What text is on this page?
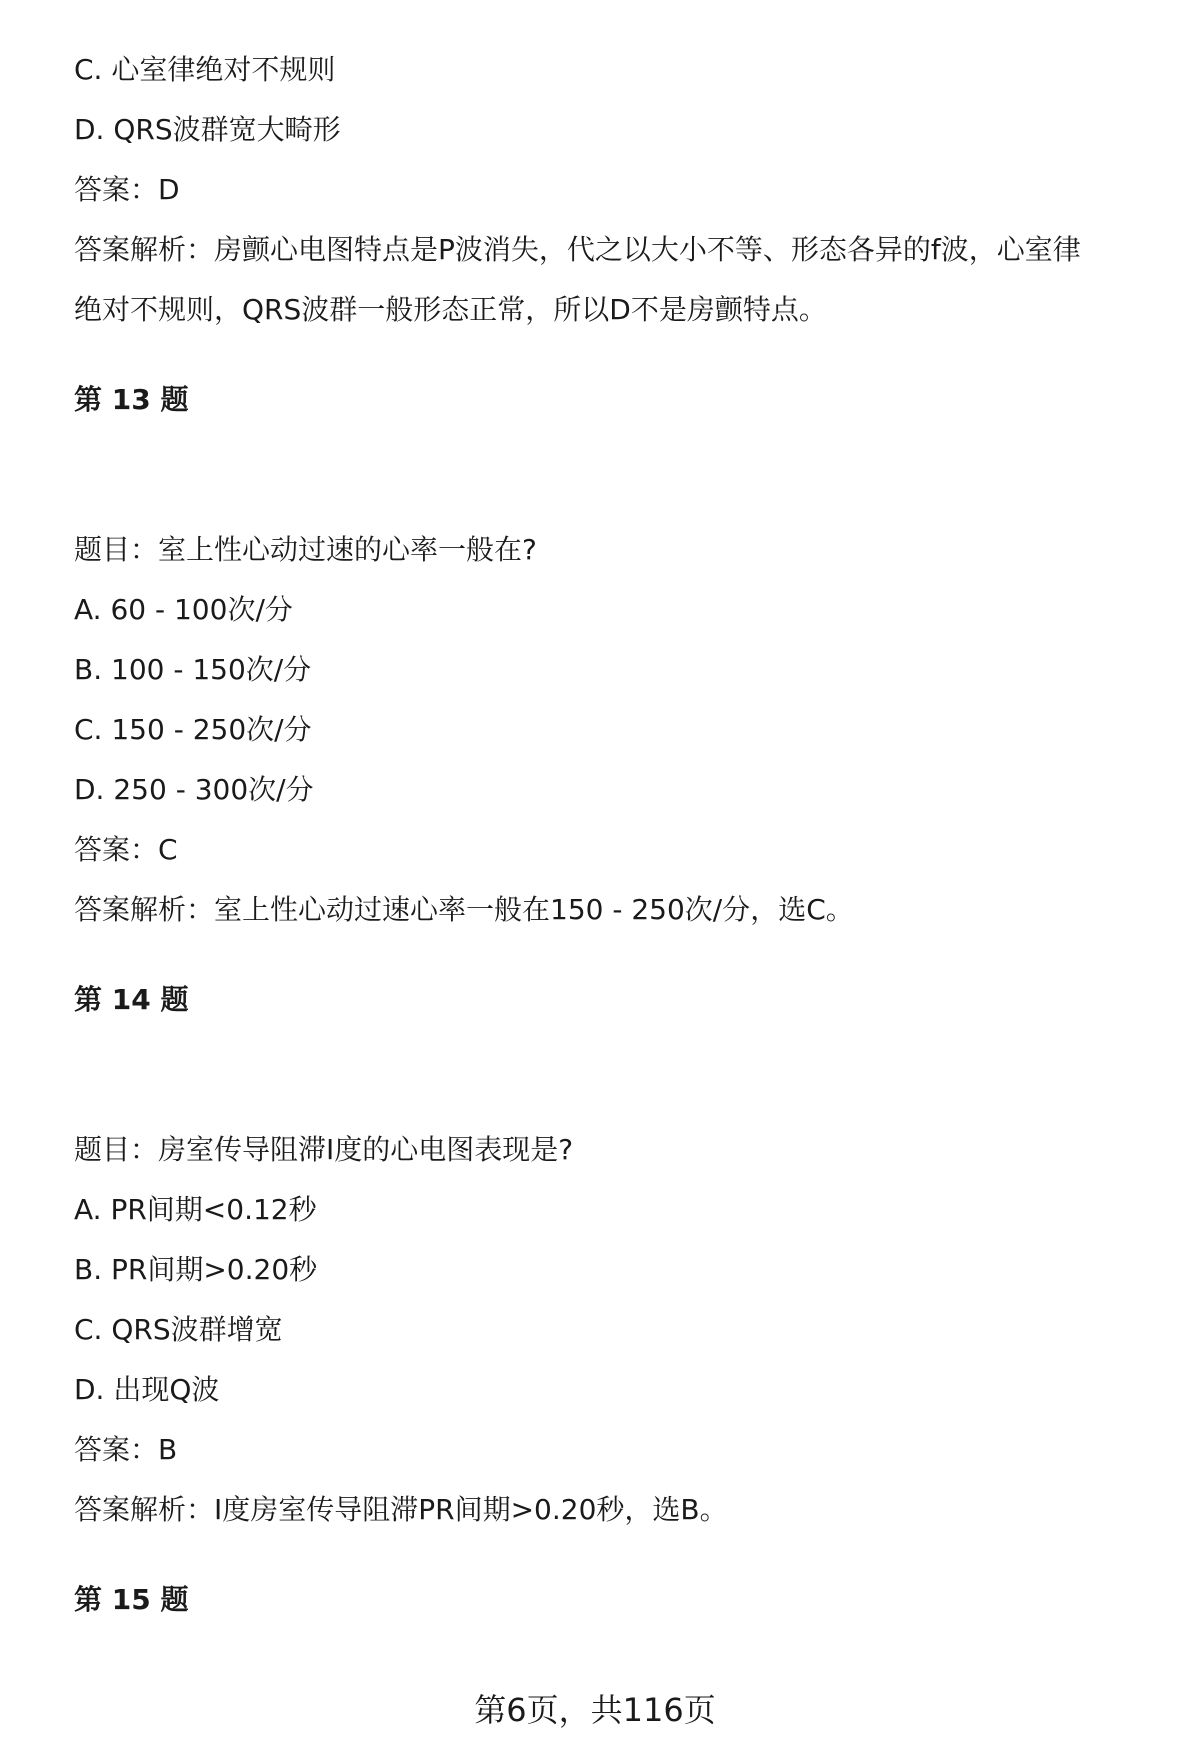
C. 心室律绝对不规则
D. QRS波群宽大畸形
答案：D
答案解析：房颤心电图特点是P波消失，代之以大小不等、形态各异的f波，心室律
绝对不规则，QRS波群一般形态正常，所以D不是房颤特点。
第 13 题
题目：室上性心动过速的心率一般在?
A. 60 - 100次/分
B. 100 - 150次/分
C. 150 - 250次/分
D. 250 - 300次/分
答案：C
答案解析：室上性心动过速心率一般在150 - 250次/分，选C。
第 14 题
题目：房室传导阻滞I度的心电图表现是?
A. PR间期<0.12秒
B. PR间期>0.20秒
C. QRS波群增宽
D. 出现Q波
答案：B
答案解析：I度房室传导阻滞PR间期>0.20秒，选B。
第 15 题
第6页，共116页
